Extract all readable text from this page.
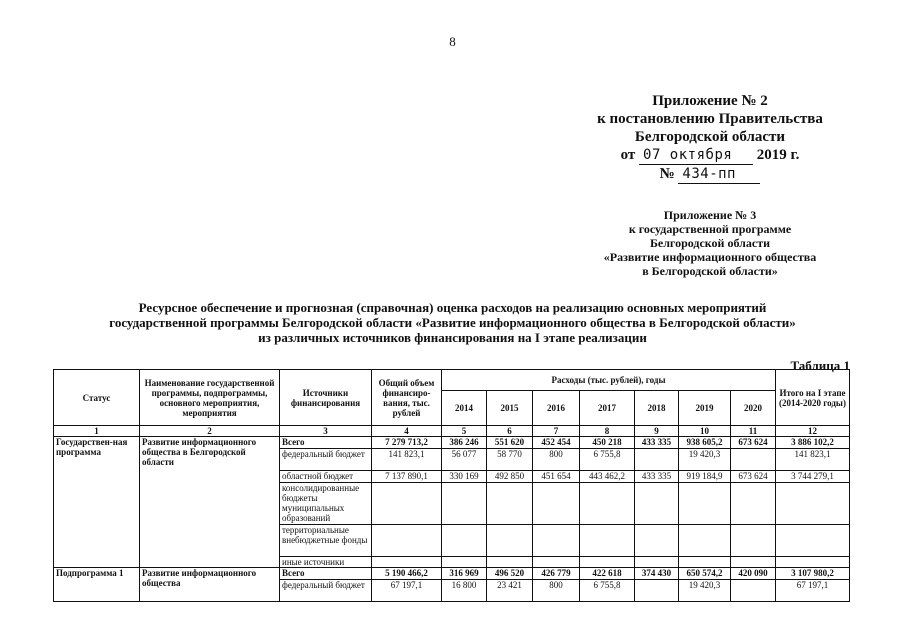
8
Приложение № 2
к постановлению Правительства
Белгородской области
от 07 октября 2019 г.
№ 434-пп
Приложение № 3
к государственной программе
Белгородской области
«Развитие информационного общества
в Белгородской области»
Ресурсное обеспечение и прогнозная (справочная) оценка расходов на реализацию основных мероприятий
государственной программы Белгородской области «Развитие информационного общества в Белгородской области»
из различных источников финансирования на I этапе реализации
Таблица 1
Статус	Наименование государственной программы, подпрограммы, основного мероприятия, мероприятия	Источники финансирования	Общий объем финансиро-вания, тыс. рублей	Расходы (тыс. рублей), годы							Итого на I этапе (2014-2020 годы)
				2014	2015	2016	2017	2018	2019	2020	
1	2	3	4	5	6	7	8	9	10	11	12
Государствен-ная программа	Развитие информационного общества в Белгородской области	Всего	7 279 713,2	386 246	551 620	452 454	450 218	433 335	938 605,2	673 624	3 886 102,2
		федеральный бюджет	141 823,1	56 077	58 770	800	6 755,8		19 420,3		141 823,1
		областной бюджет	7 137 890,1	330 169	492 850	451 654	443 462,2	433 335	919 184,9	673 624	3 744 279,1
		консолидированные бюджеты муниципальных образований									
		территориальные внебюджетные фонды									
		иные источники									
Подпрограмма 1	Развитие информационного общества	Всего	5 190 466,2	316 969	496 520	426 779	422 618	374 430	650 574,2	420 090	3 107 980,2
		федеральный бюджет	67 197,1	16 800	23 421	800	6 755,8		19 420,3		67 197,1
